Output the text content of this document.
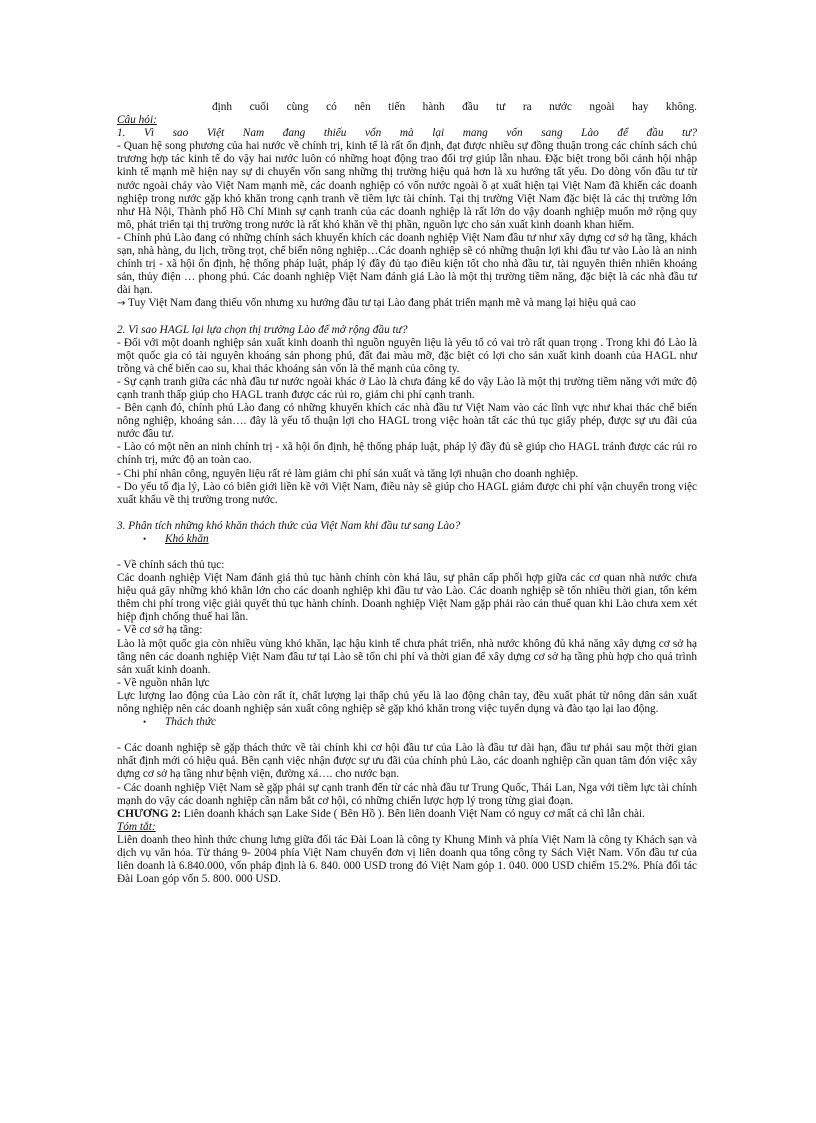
định cuối cùng có nên tiến hành đầu tư ra nước ngoài hay không.

Câu hỏi:

1. Vì sao Việt Nam đang thiếu vốn mà lại mang vốn sang Lào để đầu tư?

- Quan hệ song phương của hai nước về chính trị, kinh tế là rất ổn định, đạt được nhiều sự đồng thuận trong các chính sách chủ trương hợp tác kinh tế do vậy hai nước luôn có những hoạt động trao đổi trợ giúp lẫn nhau. Đặc biệt trong bối cảnh hội nhập kinh tế mạnh mẽ hiện nay sự di chuyển vốn sang những thị trường hiệu quả hơn là xu hướng tất yếu. Do dòng vốn đầu tư từ nước ngoài chảy vào Việt Nam mạnh mẽ, các doanh nghiệp có vốn nước ngoài ồ ạt xuất hiện tại Việt Nam đã khiến các doanh nghiệp trong nước gặp khó khăn trong cạnh tranh về tiềm lực tài chính. Tại thị trường Việt Nam đặc biệt là các thị trường lớn như Hà Nội, Thành phố Hồ Chí Minh sự cạnh tranh của các doanh nghiệp là rất lớn do vậy doanh nghiệp muốn mở rộng quy mô, phát triển tại thị trường trong nước là rất khó khăn về thị phần, nguồn lực cho sản xuất kinh doanh khan hiếm.

- Chính phủ Lào đang có những chính sách khuyến khích các doanh nghiệp Việt Nam đầu tư như xây dựng cơ sở hạ tầng, khách sạn, nhà hàng, du lịch, trồng trọt, chế biến nông nghiệp…Các doanh nghiệp sẽ có những thuận lợi khi đầu tư vào Lào là an ninh chính trị - xã hội ổn định, hệ thống pháp luật, pháp lý đầy đủ tạo điều kiện tốt cho nhà đầu tư, tài nguyên thiên nhiên khoáng sản, thủy điện … phong phú. Các doanh nghiệp Việt Nam đánh giá Lào là một thị trường tiềm năng, đặc biệt là các nhà đầu tư dài hạn.

→ Tuy Việt Nam đang thiếu vốn nhưng xu hướng đầu tư tại Lào đang phát triển mạnh mẽ và mang lại hiệu quả cao

2. Vì sao HAGL lại lựa chọn thị trường Lào để mở rộng đầu tư?

- Đối với một doanh nghiệp sản xuất kinh doanh thì nguồn nguyên liệu là yếu tố có vai trò rất quan trọng . Trong khi đó Lào là một quốc gia có tài nguyên khoáng sản phong phú, đất đai màu mỡ, đặc biệt có lợi cho sản xuất kinh doanh của HAGL như trồng và chế biến cao su, khai thác khoáng sản vốn là thế mạnh của công ty.

- Sự cạnh tranh giữa các nhà đầu tư nước ngoài khác ở Lào là chưa đáng kể do vậy Lào là một thị trường tiềm năng với mức độ cạnh tranh thấp giúp cho HAGL tranh được các rủi ro, giảm chi phí cạnh tranh.

- Bên cạnh đó, chính phủ Lào đang có những khuyến khích các nhà đầu tư Việt Nam vào các lĩnh vực như khai thác chế biến nông nghiệp, khoáng sản…. đây là yếu tố thuận lợi cho HAGL trong việc hoàn tất các thủ tục giấy phép, được sự ưu đãi của nước đầu tư.

- Lào có một nền an ninh chính trị - xã hội ổn định, hệ thống pháp luật, pháp lý đầy đủ sẽ giúp cho HAGL tránh được các rủi ro chính trị, mức độ an toàn cao.

- Chi phí nhân công, nguyên liệu rất rẻ làm giảm chi phí sản xuất và tăng lợi nhuận cho doanh nghiệp.

- Do yếu tố địa lý, Lào có biên giới liền kề với Việt Nam, điều này sẽ giúp cho HAGL giảm được chi phí vận chuyển trong việc xuất khẩu về thị trường trong nước.

3. Phân tích những khó khăn thách thức của Việt Nam khi đầu tư sang Lào?

•	Khó khăn

- Về chính sách thủ tục:

Các doanh nghiệp Việt Nam đánh giá thủ tục hành chính còn khá lâu, sự phân cấp phối hợp giữa các cơ quan nhà nước chưa hiệu quả gây những khó khăn lớn cho các doanh nghiệp khi đầu tư vào Lào. Các doanh nghiệp sẽ tốn nhiều thời gian, tốn kém thêm chi phí trong việc giải quyết thủ tục hành chính. Doanh nghiệp Việt Nam gặp phải rào cản thuế quan khi Lào chưa xem xét hiệp định chống thuế hai lần.

- Về cơ sở hạ tầng:

Lào là một quốc gia còn nhiều vùng khó khăn, lạc hậu kinh tế chưa phát triển, nhà nước không đủ khả năng xây dựng cơ sở hạ tầng nên các doanh nghiệp Việt Nam đầu tư tại Lào sẽ tốn chi phí và thời gian để xây dựng cơ sở hạ tầng phù hợp cho quá trình sản xuất kinh doanh.

- Về nguồn nhân lực

Lực lượng lao động của Lào còn rất ít, chất lượng lại thấp chủ yếu là lao động chân tay, đều xuất phát từ nông dân sản xuất nông nghiệp nên các doanh nghiệp sản xuất công nghiệp sẽ gặp khó khăn trong việc tuyển dụng và đào tạo lại lao động.

•	Thách thức

- Các doanh nghiệp sẽ gặp thách thức về tài chính khi cơ hội đầu tư của Lào là đầu tư dài hạn, đầu tư phải sau một thời gian nhất định mới có hiệu quả. Bên cạnh việc nhận được sự ưu đãi của chính phủ Lào, các doanh nghiệp cần quan tâm đón việc xây dựng cơ sở hạ tầng như bệnh viện, đường xá…. cho nước bạn.

- Các doanh nghiệp Việt Nam sẽ gặp phải sự cạnh tranh đến từ các nhà đầu tư Trung Quốc, Thái Lan, Nga với tiềm lực tài chính mạnh do vậy các doanh nghiệp cần nắm bắt cơ hội, có những chiến lược hợp lý trong từng giai đoạn.

CHƯƠNG 2: Liên doanh khách sạn Lake Side ( Bên Hồ ). Bên liên doanh Việt Nam có nguy cơ mất cả chì lẫn chài.

Tóm tắt:

Liên doanh theo hình thức chung lưng giữa đối tác Đài Loan là công ty Khung Minh và phía Việt Nam là công ty Khách sạn và dịch vụ văn hóa. Từ tháng 9- 2004 phía Việt Nam chuyển đơn vị liên doanh qua tổng công ty Sách Việt Nam. Vốn đầu tư của liên doanh là 6.840.000, vốn pháp định là 6. 840. 000 USD trong đó Việt Nam góp 1. 040. 000 USD chiếm 15.2%. Phía đối tác Đài Loan góp vốn 5. 800. 000 USD.
